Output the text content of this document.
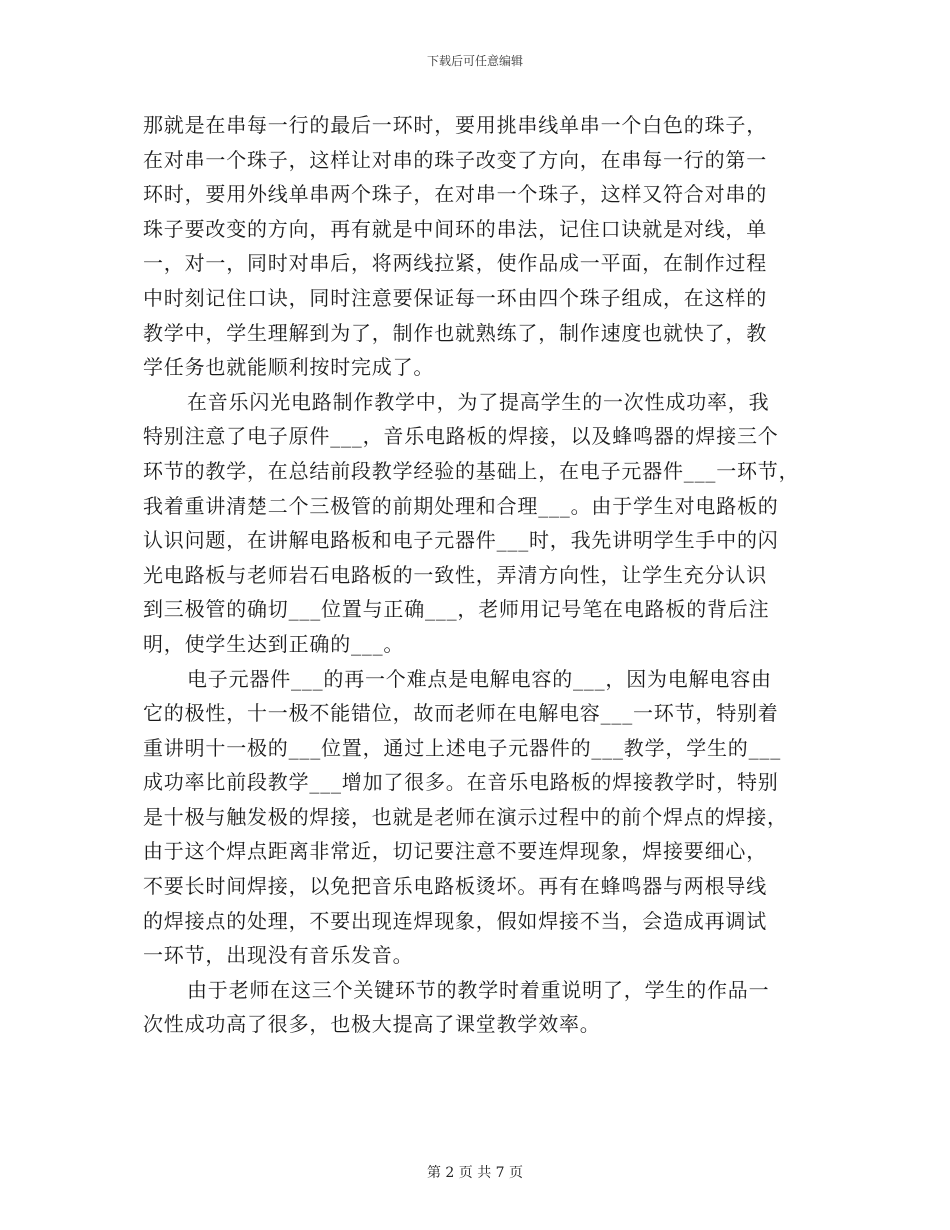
下载后可任意编辑
那就是在串每一行的最后一环时，要用挑串线单串一个白色的珠子，
在对串一个珠子，这样让对串的珠子改变了方向，在串每一行的第一
环时，要用外线单串两个珠子，在对串一个珠子，这样又符合对串的
珠子要改变的方向，再有就是中间环的串法，记住口诀就是对线，单
一，对一，同时对串后，将两线拉紧，使作品成一平面，在制作过程
中时刻记住口诀，同时注意要保证每一环由四个珠子组成，在这样的
教学中，学生理解到为了，制作也就熟练了，制作速度也就快了，教
学任务也就能顺利按时完成了。
在音乐闪光电路制作教学中，为了提高学生的一次性成功率，我
特别注意了电子原件___，音乐电路板的焊接，以及蜂鸣器的焊接三个
环节的教学，在总结前段教学经验的基础上，在电子元器件___一环节，
我着重讲清楚二个三极管的前期处理和合理___。由于学生对电路板的
认识问题，在讲解电路板和电子元器件___时，我先讲明学生手中的闪
光电路板与老师岩石电路板的一致性，弄清方向性，让学生充分认识
到三极管的确切___位置与正确___，老师用记号笔在电路板的背后注
明，使学生达到正确的___。
电子元器件___的再一个难点是电解电容的___，因为电解电容由
它的极性，十一极不能错位，故而老师在电解电容___一环节，特别着
重讲明十一极的___位置，通过上述电子元器件的___教学，学生的___
成功率比前段教学___增加了很多。在音乐电路板的焊接教学时，特别
是十极与触发极的焊接，也就是老师在演示过程中的前个焊点的焊接，
由于这个焊点距离非常近，切记要注意不要连焊现象，焊接要细心，
不要长时间焊接，以免把音乐电路板烫坏。再有在蜂鸣器与两根导线
的焊接点的处理，不要出现连焊现象，假如焊接不当，会造成再调试
一环节，出现没有音乐发音。
由于老师在这三个关键环节的教学时着重说明了，学生的作品一
次性成功高了很多，也极大提高了课堂教学效率。
第 2 页 共 7 页
